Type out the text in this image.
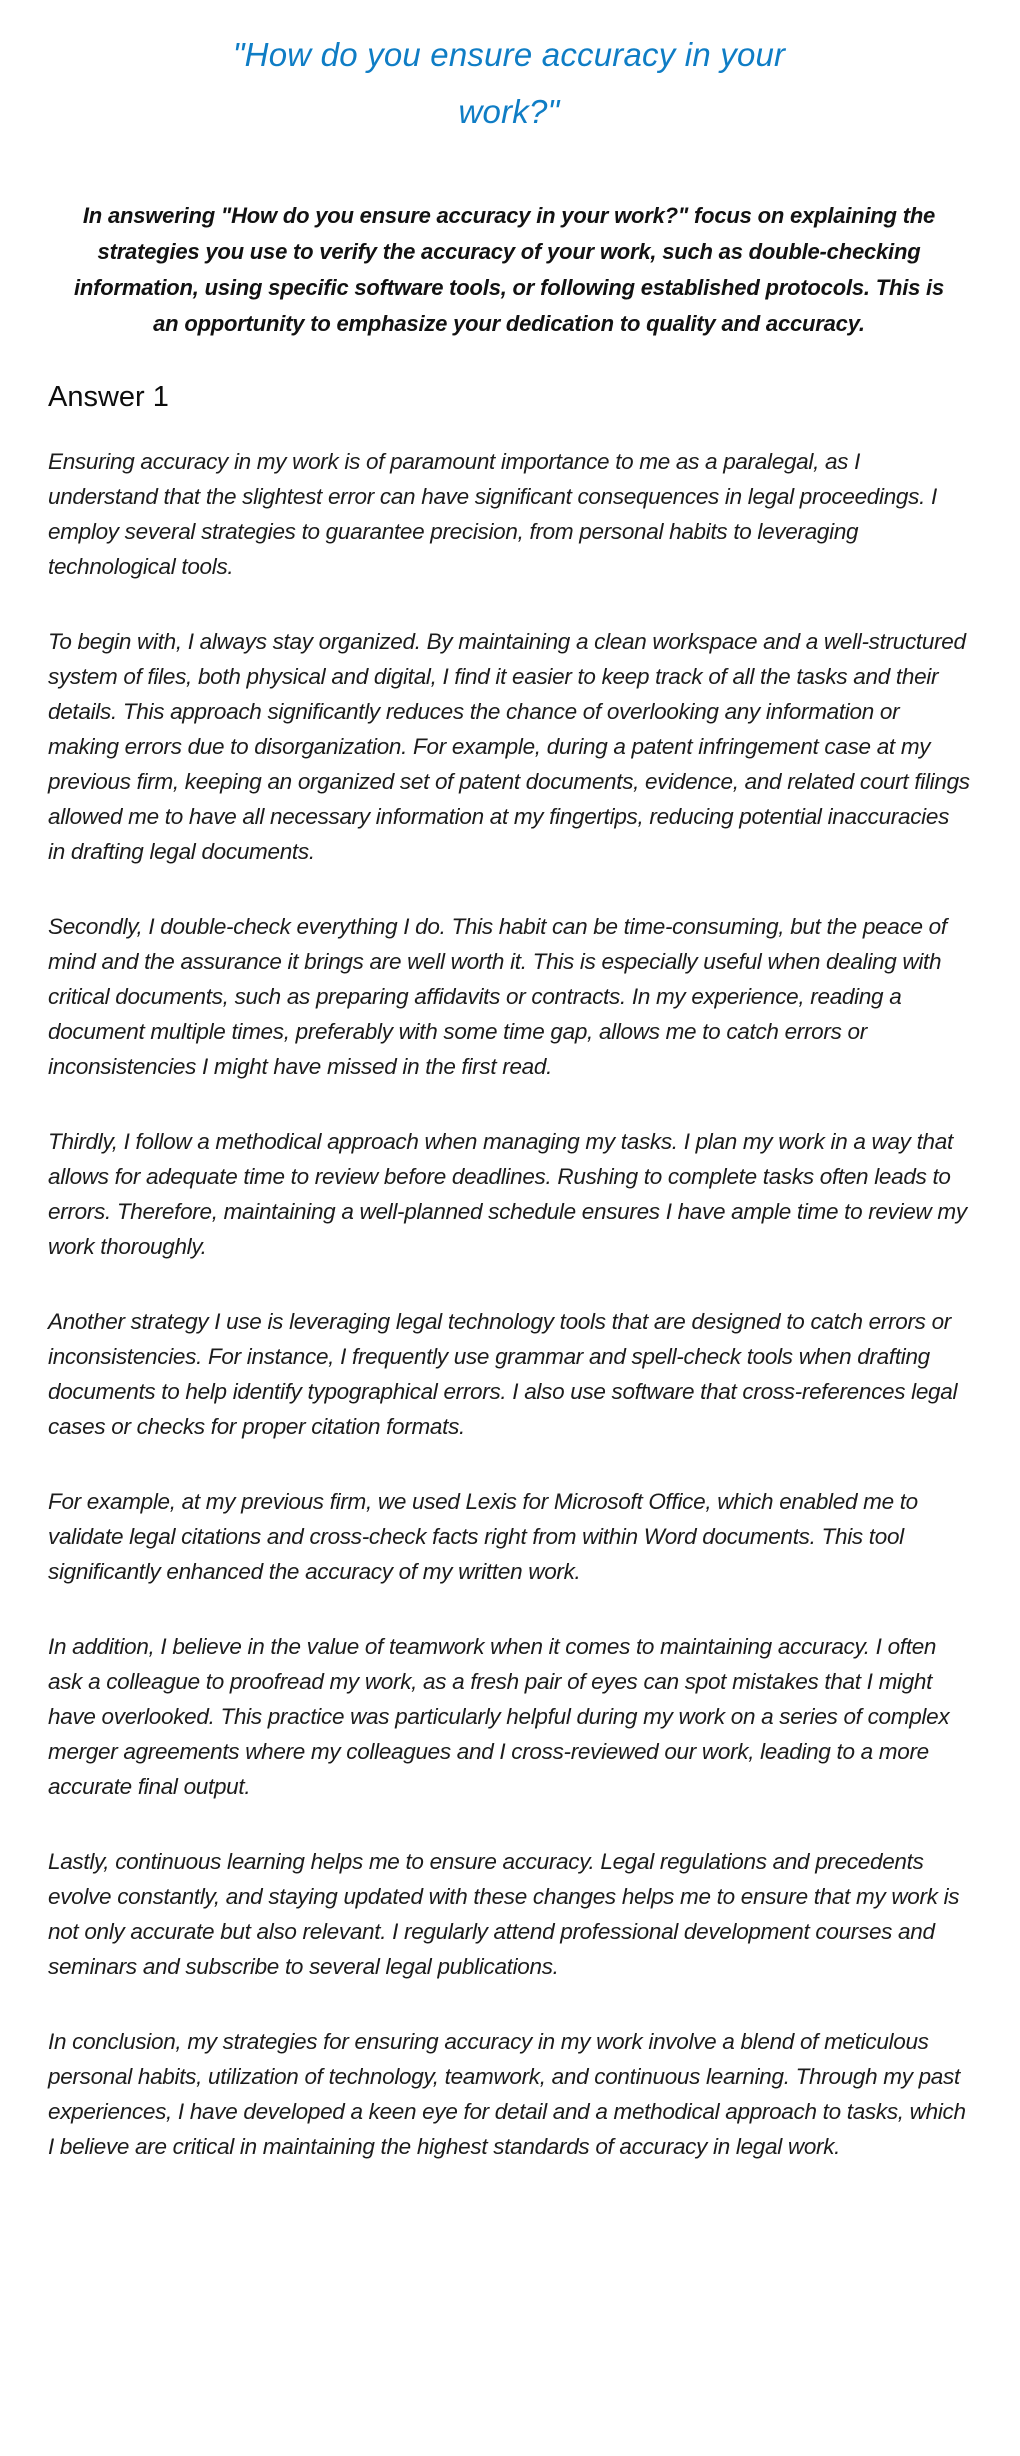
"How do you ensure accuracy in your work?"

In answering "How do you ensure accuracy in your work?" focus on explaining the strategies you use to verify the accuracy of your work, such as double-checking information, using specific software tools, or following established protocols. This is an opportunity to emphasize your dedication to quality and accuracy.

Answer 1

Ensuring accuracy in my work is of paramount importance to me as a paralegal, as I understand that the slightest error can have significant consequences in legal proceedings. I employ several strategies to guarantee precision, from personal habits to leveraging technological tools.

To begin with, I always stay organized. By maintaining a clean workspace and a well-structured system of files, both physical and digital, I find it easier to keep track of all the tasks and their details. This approach significantly reduces the chance of overlooking any information or making errors due to disorganization. For example, during a patent infringement case at my previous firm, keeping an organized set of patent documents, evidence, and related court filings allowed me to have all necessary information at my fingertips, reducing potential inaccuracies in drafting legal documents.

Secondly, I double-check everything I do. This habit can be time-consuming, but the peace of mind and the assurance it brings are well worth it. This is especially useful when dealing with critical documents, such as preparing affidavits or contracts. In my experience, reading a document multiple times, preferably with some time gap, allows me to catch errors or inconsistencies I might have missed in the first read.

Thirdly, I follow a methodical approach when managing my tasks. I plan my work in a way that allows for adequate time to review before deadlines. Rushing to complete tasks often leads to errors. Therefore, maintaining a well-planned schedule ensures I have ample time to review my work thoroughly.

Another strategy I use is leveraging legal technology tools that are designed to catch errors or inconsistencies. For instance, I frequently use grammar and spell-check tools when drafting documents to help identify typographical errors. I also use software that cross-references legal cases or checks for proper citation formats.

For example, at my previous firm, we used Lexis for Microsoft Office, which enabled me to validate legal citations and cross-check facts right from within Word documents. This tool significantly enhanced the accuracy of my written work.

In addition, I believe in the value of teamwork when it comes to maintaining accuracy. I often ask a colleague to proofread my work, as a fresh pair of eyes can spot mistakes that I might have overlooked. This practice was particularly helpful during my work on a series of complex merger agreements where my colleagues and I cross-reviewed our work, leading to a more accurate final output.

Lastly, continuous learning helps me to ensure accuracy. Legal regulations and precedents evolve constantly, and staying updated with these changes helps me to ensure that my work is not only accurate but also relevant. I regularly attend professional development courses and seminars and subscribe to several legal publications.

In conclusion, my strategies for ensuring accuracy in my work involve a blend of meticulous personal habits, utilization of technology, teamwork, and continuous learning. Through my past experiences, I have developed a keen eye for detail and a methodical approach to tasks, which I believe are critical in maintaining the highest standards of accuracy in legal work.
